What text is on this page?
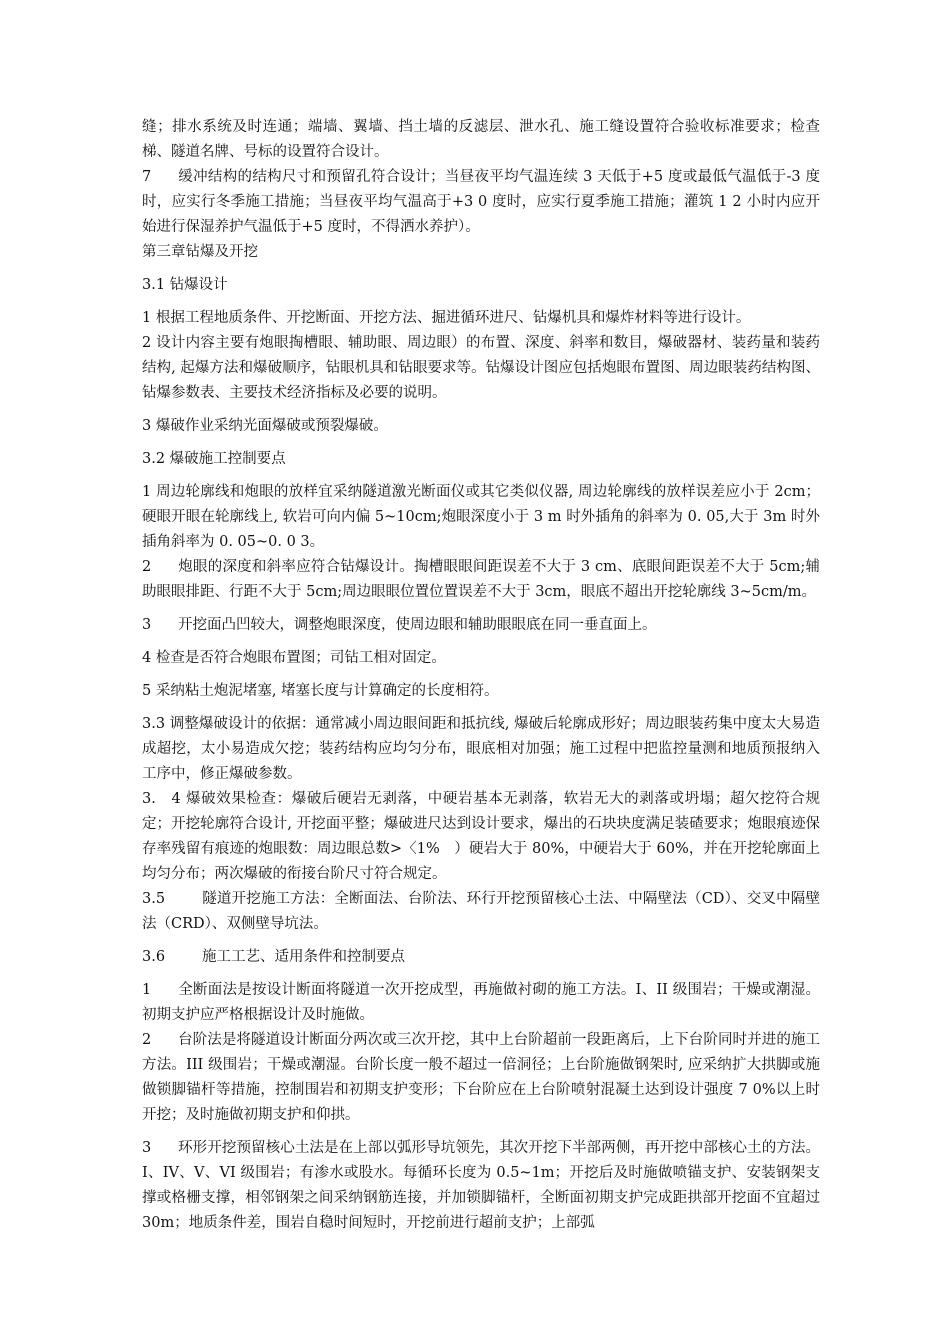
缝；排水系统及时连通；端墙、翼墙、挡土墙的反滤层、泄水孔、施工缝设置符合验收标准要求；检查梯、隧道名牌、号标的设置符合设计。

7 缓冲结构的结构尺寸和预留孔符合设计；当昼夜平均气温连续 3 天低于+5 度或最低气温低于-3 度时，应实行冬季施工措施；当昼夜平均气温高于+3 0 度时，应实行夏季施工措施；灌筑 1 2 小时内应开始进行保湿养护气温低于+5 度时，不得洒水养护）。

第三章钻爆及开挖

3.1 钻爆设计

1 根据工程地质条件、开挖断面、开挖方法、掘进循环进尺、钻爆机具和爆炸材料等进行设计。

2 设计内容主要有炮眼掏槽眼、辅助眼、周边眼）的布置、深度、斜率和数目，爆破器材、装药量和装药结构, 起爆方法和爆破顺序，钻眼机具和钻眼要求等。钻爆设计图应包括炮眼布置图、周边眼装药结构图、钻爆参数表、主要技术经济指标及必要的说明。

3 爆破作业采纳光面爆破或预裂爆破。

3.2 爆破施工控制要点

1 周边轮廓线和炮眼的放样宜采纳隧道激光断面仪或其它类似仪器, 周边轮廓线的放样误差应小于 2cm；硬眼开眼在轮廓线上, 软岩可向内偏 5~10cm;炮眼深度小于 3 m 时外插角的斜率为 0. 05,大于 3m 时外插角斜率为 0. 05~0. 0 3。

2 炮眼的深度和斜率应符合钻爆设计。掏槽眼眼间距误差不大于 3 cm、底眼间距误差不大于 5cm;辅助眼眼排距、行距不大于 5cm;周边眼眼位置位置误差不大于 3cm，眼底不超出开挖轮廓线 3~5cm/m。

3 开挖面凸凹较大，调整炮眼深度，使周边眼和辅助眼眼底在同一垂直面上。

4 检查是否符合炮眼布置图；司钻工相对固定。

5 采纳粘土炮泥堵塞, 堵塞长度与计算确定的长度相符。

3.3 调整爆破设计的依据：通常减小周边眼间距和抵抗线, 爆破后轮廓成形好；周边眼装药集中度太大易造成超挖，太小易造成欠挖；装药结构应均匀分布，眼底相对加强；施工过程中把监控量测和地质预报纳入工序中，修正爆破参数。

3.　4 爆破效果检查：爆破后硬岩无剥落，中硬岩基本无剥落，软岩无大的剥落或坍塌；超欠挖符合规定；开挖轮廓符合设计, 开挖面平整；爆破进尺达到设计要求，爆出的石块块度满足装碴要求；炮眼痕迹保存率残留有痕迹的炮眼数：周边眼总数>〈1%　）硬岩大于 80%，中硬岩大于 60%，并在开挖轮廓面上均匀分布；两次爆破的衔接台阶尺寸符合规定。

3.5	隧道开挖施工方法：全断面法、台阶法、环行开挖预留核心土法、中隔壁法（CD）、交叉中隔壁法（CRD）、双侧壁导坑法。

3.6	施工工艺、适用条件和控制要点

1 全断面法是按设计断面将隧道一次开挖成型，再施做衬砌的施工方法。I、II 级围岩；干燥或潮湿。初期支护应严格根据设计及时施做。

2 台阶法是将隧道设计断面分两次或三次开挖，其中上台阶超前一段距离后，上下台阶同时并进的施工方法。III 级围岩；干燥或潮湿。台阶长度一般不超过一倍洞径；上台阶施做钢架时, 应采纳扩大拱脚或施做锁脚锚杆等措施，控制围岩和初期支护变形；下台阶应在上台阶喷射混凝土达到设计强度 7 0%以上时开挖；及时施做初期支护和仰拱。

3 环形开挖预留核心土法是在上部以弧形导坑领先，其次开挖下半部两侧，再开挖中部核心土的方法。I、IV、V、VI 级围岩；有渗水或股水。每循环长度为 0.5~1m；开挖后及时施做喷锚支护、安装钢架支撑或格栅支撑，相邻钢架之间采纳钢筋连接，并加锁脚锚杆，全断面初期支护完成距拱部开挖面不宜超过 30m；地质条件差，围岩自稳时间短时，开挖前进行超前支护；上部弧
